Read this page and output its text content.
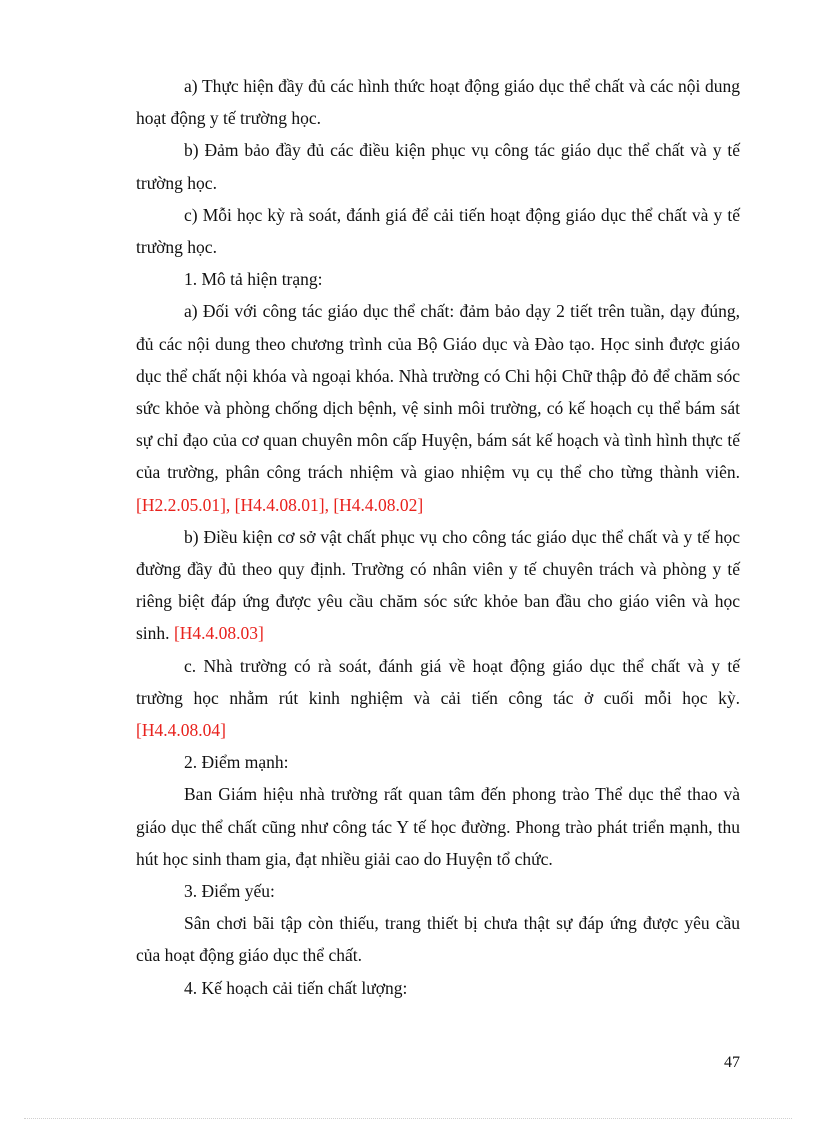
a) Thực hiện đầy đủ các hình thức hoạt động giáo dục thể chất và các nội dung hoạt động y tế trường học.

b) Đảm bảo đầy đủ các điều kiện phục vụ công tác giáo dục thể chất và y tế trường học.

c) Mỗi học kỳ rà soát, đánh giá để cải tiến hoạt động giáo dục thể chất và y tế trường học.

1. Mô tả hiện trạng:

a) Đối với công tác giáo dục thể chất: đảm bảo dạy 2 tiết trên tuần, dạy đúng, đủ các nội dung theo chương trình của Bộ Giáo dục và Đào tạo. Học sinh được giáo dục thể chất nội khóa và ngoại khóa. Nhà trường có Chi hội Chữ thập đỏ để chăm sóc sức khỏe và phòng chống dịch bệnh, vệ sinh môi trường, có kế hoạch cụ thể bám sát sự chỉ đạo của cơ quan chuyên môn cấp Huyện, bám sát kế hoạch và tình hình thực tế của trường, phân công trách nhiệm và giao nhiệm vụ cụ thể cho từng thành viên. [H2.2.05.01], [H4.4.08.01], [H4.4.08.02]

b) Điều kiện cơ sở vật chất phục vụ cho công tác giáo dục thể chất và y tế học đường đầy đủ theo quy định. Trường có nhân viên y tế chuyên trách và phòng y tế riêng biệt đáp ứng được yêu cầu chăm sóc sức khỏe ban đầu cho giáo viên và học sinh. [H4.4.08.03]

c. Nhà trường có rà soát, đánh giá về hoạt động giáo dục thể chất và y tế trường học nhằm rút kinh nghiệm và cải tiến công tác ở cuối mỗi học kỳ. [H4.4.08.04]

2. Điểm mạnh:

Ban Giám hiệu nhà trường rất quan tâm đến phong trào Thể dục thể thao và giáo dục thể chất cũng như công tác Y tế học đường. Phong trào phát triển mạnh, thu hút học sinh tham gia, đạt nhiều giải cao do Huyện tổ chức.

3. Điểm yếu:

Sân chơi bãi tập còn thiếu, trang thiết bị chưa thật sự đáp ứng được yêu cầu của hoạt động giáo dục thể chất.

4. Kế hoạch cải tiến chất lượng:

47
